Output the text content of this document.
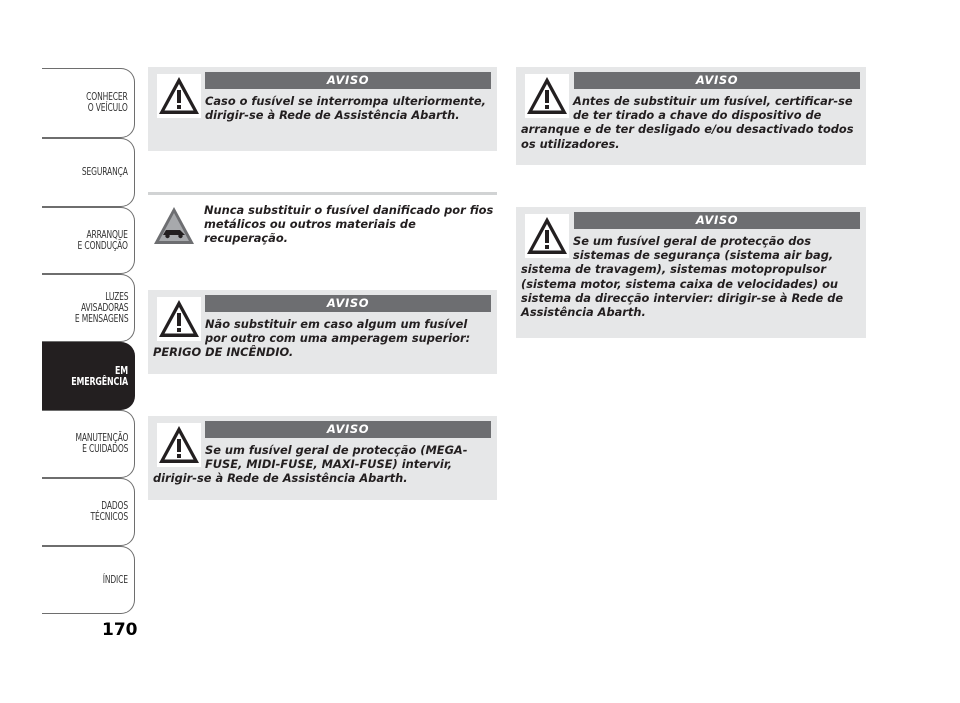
CONHECER
O VEÍCULO
SEGURANÇA
ARRANQUE
E CONDUÇÃO
LUZES
AVISADORAS
E MENSAGENS
EM EMERGÊNCIA
MANUTENÇÃO
E CUIDADOS
DADOS
TÉCNICOS
ÍNDICE
170
AVISO
Caso o fusível se interrompa ulteriormente, dirigir-se à Rede de Assistência Abarth.
Nunca substituir o fusível danificado por fios metálicos ou outros materiais de recuperação.
AVISO
Não substituir em caso algum um fusível por outro com uma amperagem superior: PERIGO DE INCÊNDIO.
AVISO
Se um fusível geral de protecção (MEGA-FUSE, MIDI-FUSE, MAXI-FUSE) intervir, dirigir-se à Rede de Assistência Abarth.
AVISO
Antes de substituir um fusível, certificar-se de ter tirado a chave do dispositivo de arranque e de ter desligado e/ou desactivado todos os utilizadores.
AVISO
Se um fusível geral de protecção dos sistemas de segurança (sistema air bag, sistema de travagem), sistemas motopropulsor (sistema motor, sistema caixa de velocidades) ou sistema da direcção intervier: dirigir-se à Rede de Assistência Abarth.
